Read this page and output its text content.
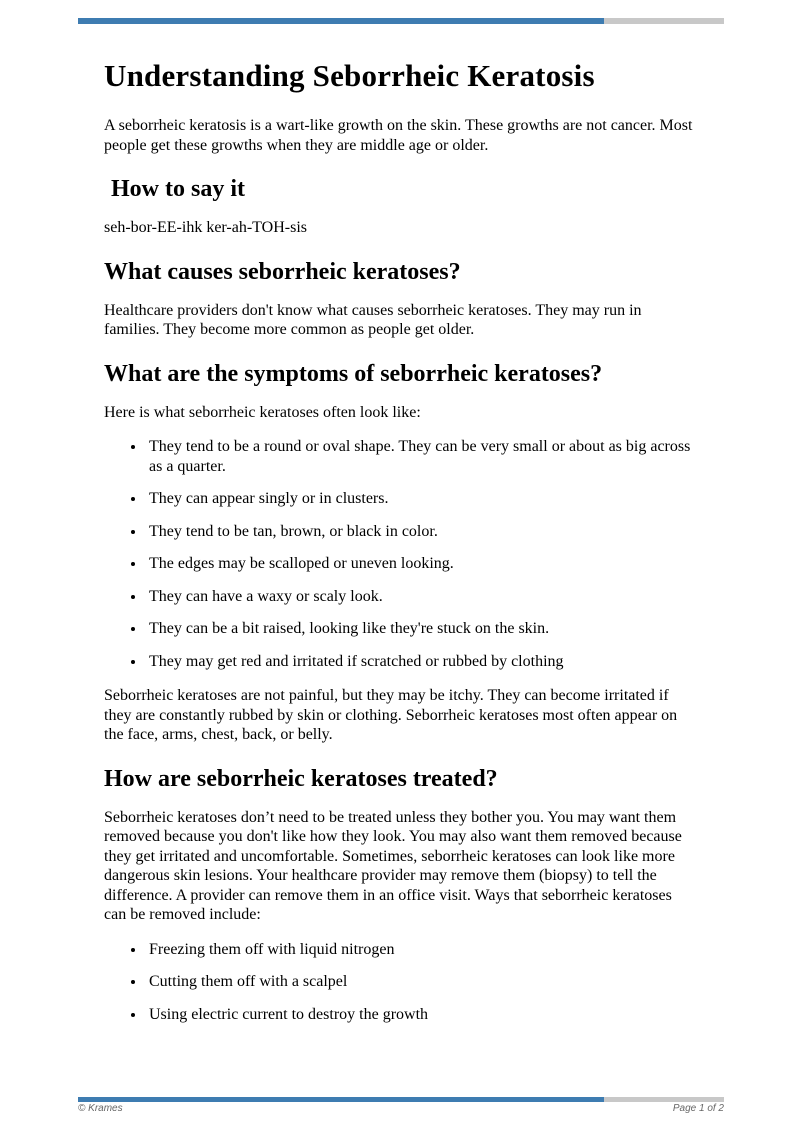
Understanding Seborrheic Keratosis

A seborrheic keratosis is a wart-like growth on the skin. These growths are not cancer. Most people get these growths when they are middle age or older.

How to say it

seh-bor-EE-ihk ker-ah-TOH-sis

What causes seborrheic keratoses?

Healthcare providers don't know what causes seborrheic keratoses. They may run in families. They become more common as people get older.

What are the symptoms of seborrheic keratoses?

Here is what seborrheic keratoses often look like:

• They tend to be a round or oval shape. They can be very small or about as big across as a quarter.
• They can appear singly or in clusters.
• They tend to be tan, brown, or black in color.
• The edges may be scalloped or uneven looking.
• They can have a waxy or scaly look.
• They can be a bit raised, looking like they're stuck on the skin.
• They may get red and irritated if scratched or rubbed by clothing

Seborrheic keratoses are not painful, but they may be itchy. They can become irritated if they are constantly rubbed by skin or clothing. Seborrheic keratoses most often appear on the face, arms, chest, back, or belly.

How are seborrheic keratoses treated?

Seborrheic keratoses don’t need to be treated unless they bother you. You may want them removed because you don't like how they look. You may also want them removed because they get irritated and uncomfortable. Sometimes, seborrheic keratoses can look like more dangerous skin lesions. Your healthcare provider may remove them (biopsy) to tell the difference. A provider can remove them in an office visit. Ways that seborrheic keratoses can be removed include:

• Freezing them off with liquid nitrogen
• Cutting them off with a scalpel
• Using electric current to destroy the growth
© Krames	Page 1 of 2
